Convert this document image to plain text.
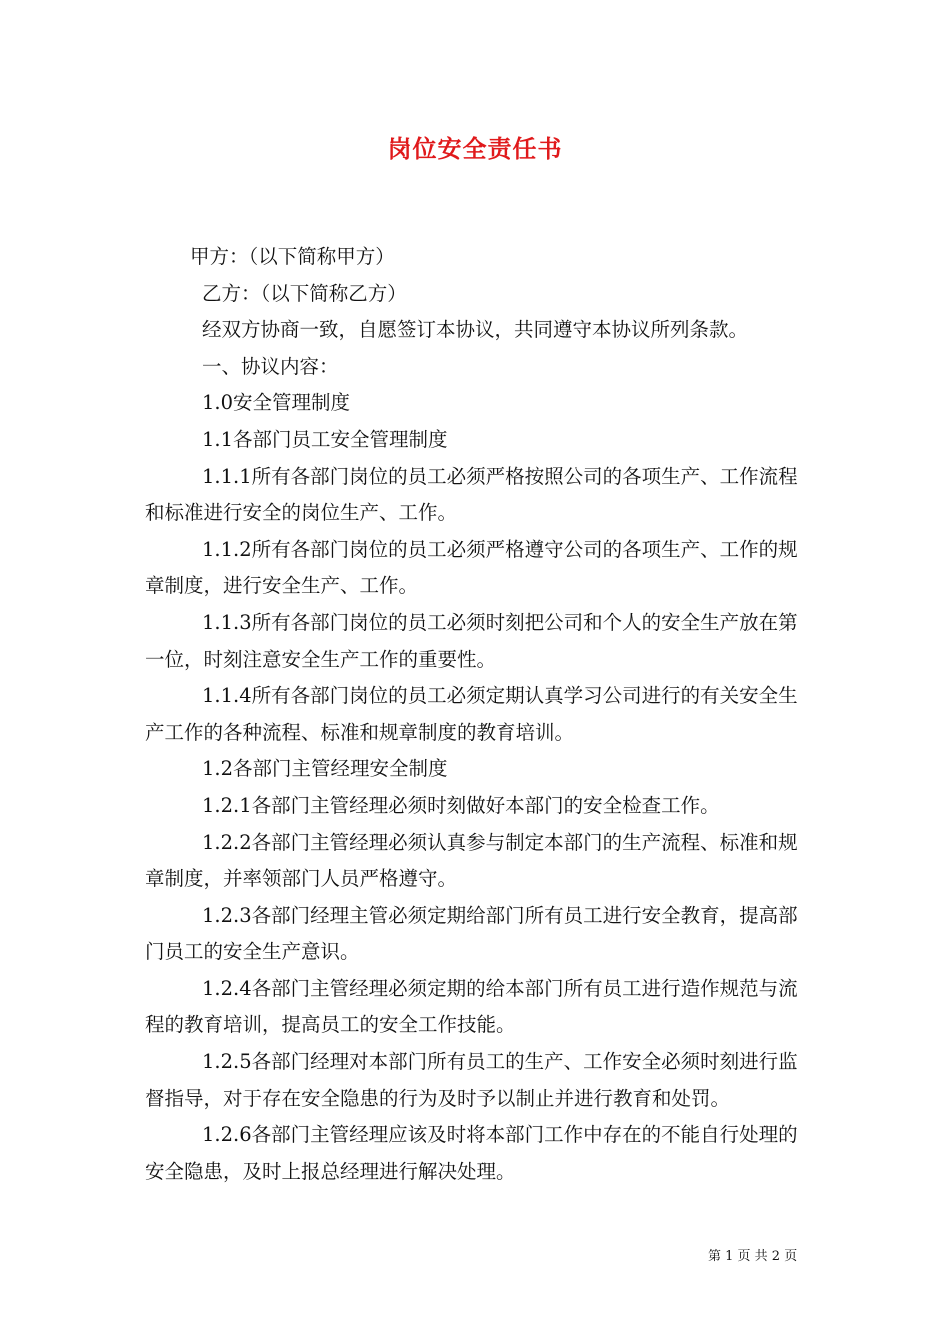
岗位安全责任书

甲方：（以下简称甲方）

乙方：（以下简称乙方）

经双方协商一致，自愿签订本协议，共同遵守本协议所列条款。

一、协议内容：

1.0安全管理制度

1.1各部门员工安全管理制度

1.1.1所有各部门岗位的员工必须严格按照公司的各项生产、工作流程和标准进行安全的岗位生产、工作。

1.1.2所有各部门岗位的员工必须严格遵守公司的各项生产、工作的规章制度，进行安全生产、工作。

1.1.3所有各部门岗位的员工必须时刻把公司和个人的安全生产放在第一位，时刻注意安全生产工作的重要性。

1.1.4所有各部门岗位的员工必须定期认真学习公司进行的有关安全生产工作的各种流程、标准和规章制度的教育培训。

1.2各部门主管经理安全制度

1.2.1各部门主管经理必须时刻做好本部门的安全检查工作。

1.2.2各部门主管经理必须认真参与制定本部门的生产流程、标准和规章制度，并率领部门人员严格遵守。

1.2.3各部门经理主管必须定期给部门所有员工进行安全教育，提高部门员工的安全生产意识。

1.2.4各部门主管经理必须定期的给本部门所有员工进行造作规范与流程的教育培训，提高员工的安全工作技能。

1.2.5各部门经理对本部门所有员工的生产、工作安全必须时刻进行监督指导，对于存在安全隐患的行为及时予以制止并进行教育和处罚。

1.2.6各部门主管经理应该及时将本部门工作中存在的不能自行处理的安全隐患，及时上报总经理进行解决处理。

第 1 页 共 2 页
